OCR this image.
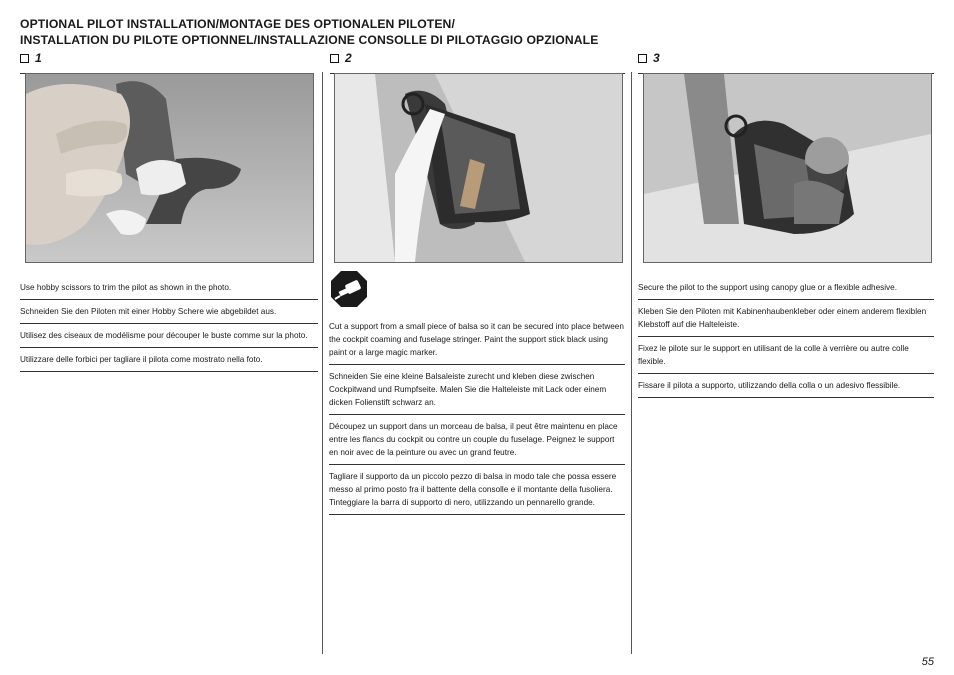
OPTIONAL PILOT INSTALLATION/MONTAGE DES OPTIONALEN PILOTEN/
INSTALLATION DU PILOTE OPTIONNEL/INSTALLAZIONE CONSOLLE DI PILOTAGGIO OPZIONALE
1	2	3
Use hobby scissors to trim the pilot as shown in the photo.
Schneiden Sie den Piloten mit einer Hobby Schere wie abgebildet aus.
Utilisez des ciseaux de modélisme pour découper le buste comme sur la photo.
Utilizzare delle forbici per tagliare il pilota come mostrato nella foto.
Cut a support from a small piece of balsa so it can be secured into place between the cockpit coaming and fuselage stringer. Paint the support stick black using paint or a large magic marker.
Schneiden Sie eine kleine Balsaleiste zurecht und kleben diese zwischen Cockpitwand und Rumpfseite. Malen Sie die Halteleiste mit Lack oder einem dicken Folienstift schwarz an.
Découpez un support dans un morceau de balsa, il peut être maintenu en place entre les flancs du cockpit ou contre un couple du fuselage. Peignez le support en noir avec de la peinture ou avec un grand feutre.
Tagliare il supporto da un piccolo pezzo di balsa in modo tale che possa essere messo al primo posto fra il battente della consolle e il montante della fusoliera. Tinteggiare la barra di supporto di nero, utilizzando un pennarello grande.
Secure the pilot to the support using canopy glue or a flexible adhesive.
Kleben Sie den Piloten mit Kabinenhaubenkleber oder einem anderem flexiblen Klebstoff auf die Halteleiste.
Fixez le pilote sur le support en utilisant de la colle à verrière ou autre colle flexible.
Fissare il pilota a supporto, utilizzando della colla o un adesivo flessibile.
55
